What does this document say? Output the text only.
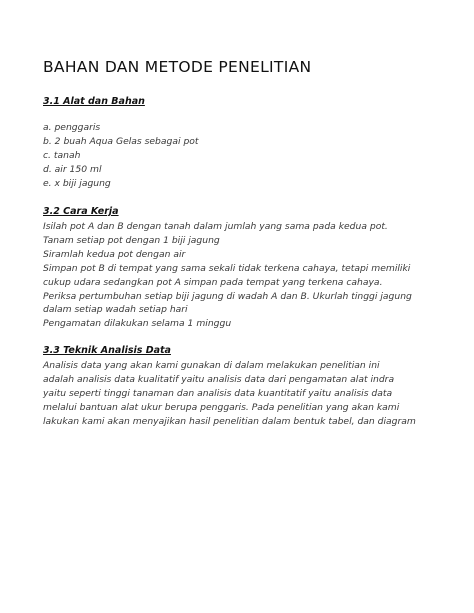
BAHAN DAN METODE PENELITIAN
3.1 Alat dan Bahan
a. penggaris
b. 2 buah Aqua Gelas sebagai pot
c. tanah
d. air 150 ml
e. x biji jagung
3.2 Cara Kerja
Isilah pot A dan B dengan tanah dalam jumlah yang sama pada kedua pot.
Tanam setiap pot dengan 1 biji jagung
Siramlah kedua pot dengan air
Simpan pot B di tempat yang sama sekali tidak terkena cahaya, tetapi memiliki
cukup udara sedangkan pot A simpan pada tempat yang terkena cahaya.
Periksa pertumbuhan setiap biji jagung di wadah A dan B. Ukurlah tinggi jagung
dalam setiap wadah setiap hari
Pengamatan dilakukan selama 1 minggu
3.3 Teknik Analisis Data
Analisis data yang akan kami gunakan di dalam melakukan penelitian ini
adalah analisis data kualitatif yaitu analisis data dari pengamatan alat indra
yaitu seperti tinggi tanaman dan analisis data kuantitatif yaitu analisis data
melalui bantuan alat ukur berupa penggaris. Pada penelitian yang akan kami
lakukan kami akan menyajikan hasil penelitian dalam bentuk tabel, dan diagram
